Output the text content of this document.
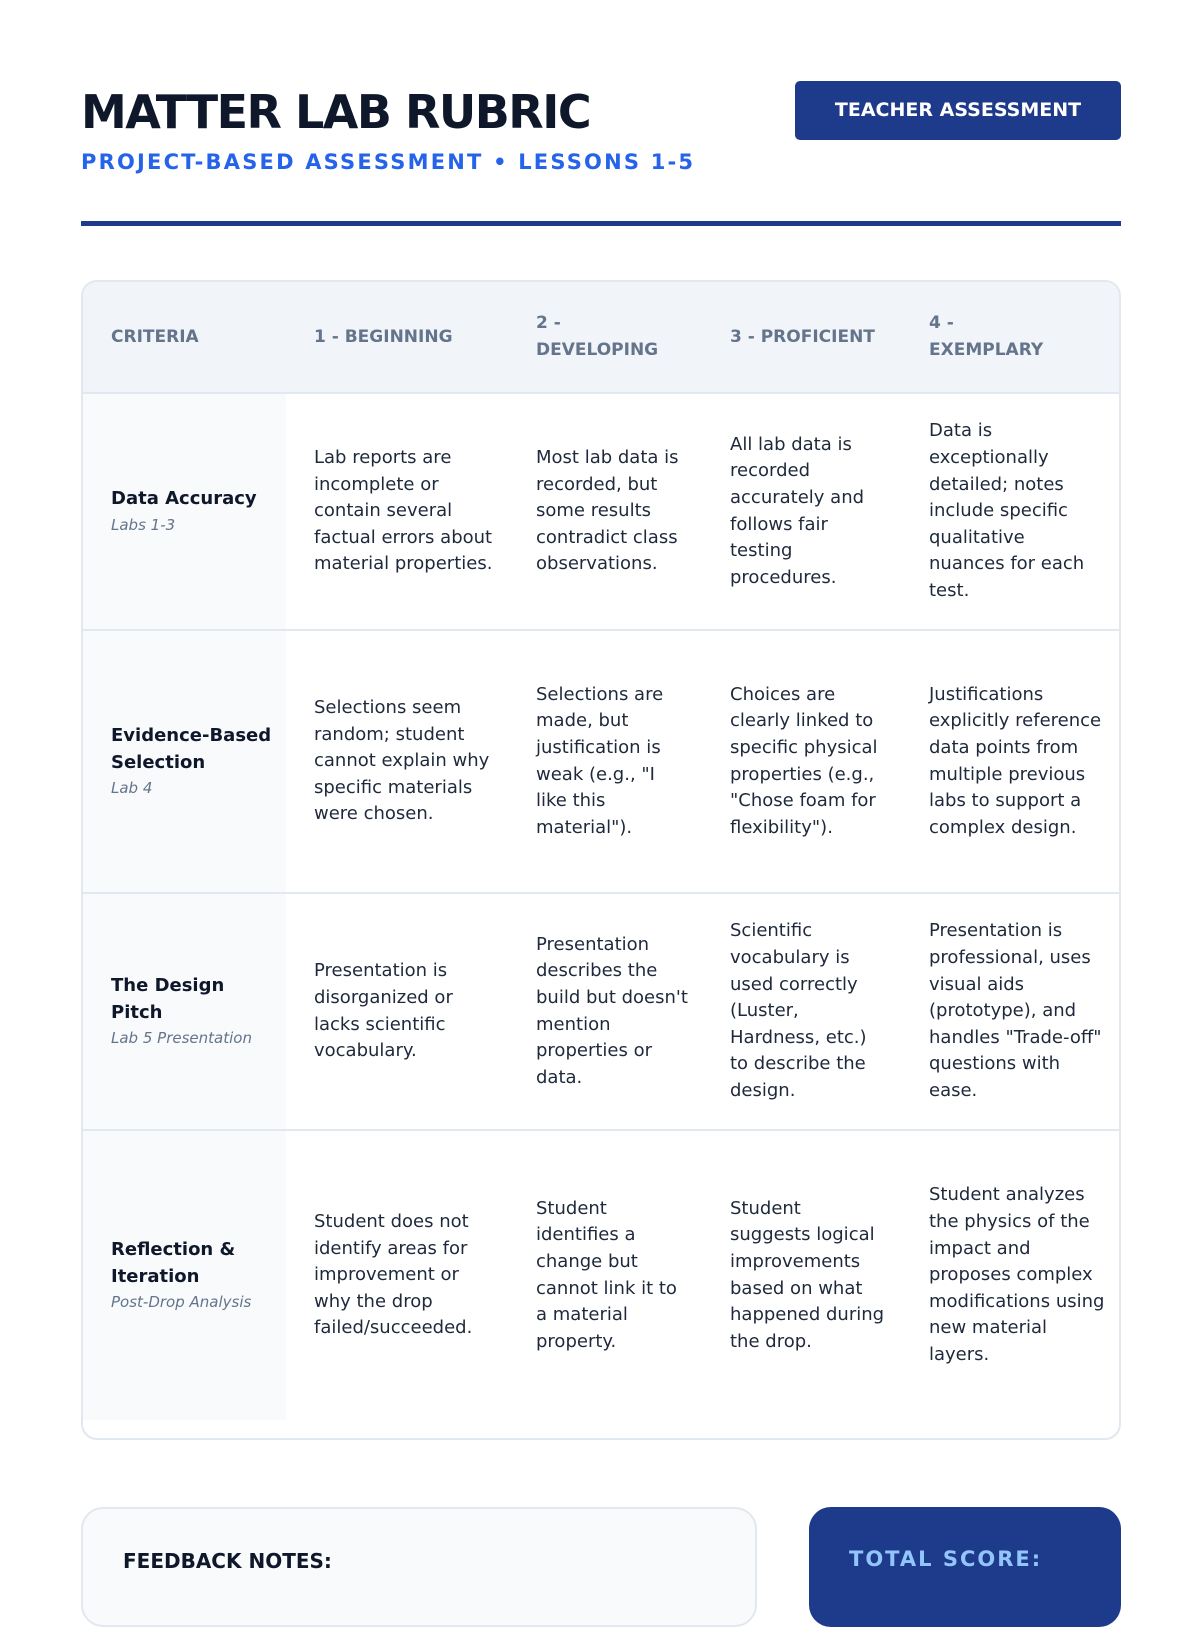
MATTER LAB RUBRIC
PROJECT-BASED ASSESSMENT • LESSONS 1-5
TEACHER ASSESSMENT
CRITERIA	1 - BEGINNING	2 - DEVELOPING	3 - PROFICIENT	4 - EXEMPLARY

Data Accuracy
Labs 1-3	Lab reports are incomplete or contain several factual errors about material properties.	Most lab data is recorded, but some results contradict class observations.	All lab data is recorded accurately and follows fair testing procedures.	Data is exceptionally detailed; notes include specific qualitative nuances for each test.

Evidence-Based Selection
Lab 4	Selections seem random; student cannot explain why specific materials were chosen.	Selections are made, but justification is weak (e.g., "I like this material").	Choices are clearly linked to specific physical properties (e.g., "Chose foam for flexibility").	Justifications explicitly reference data points from multiple previous labs to support a complex design.

The Design Pitch
Lab 5 Presentation	Presentation is disorganized or lacks scientific vocabulary.	Presentation describes the build but doesn't mention properties or data.	Scientific vocabulary is used correctly (Luster, Hardness, etc.) to describe the design.	Presentation is professional, uses visual aids (prototype), and handles "Trade-off" questions with ease.

Reflection & Iteration
Post-Drop Analysis	Student does not identify areas for improvement or why the drop failed/succeeded.	Student identifies a change but cannot link it to a material property.	Student suggests logical improvements based on what happened during the drop.	Student analyzes the physics of the impact and proposes complex modifications using new material layers.
FEEDBACK NOTES:	TOTAL SCORE:
